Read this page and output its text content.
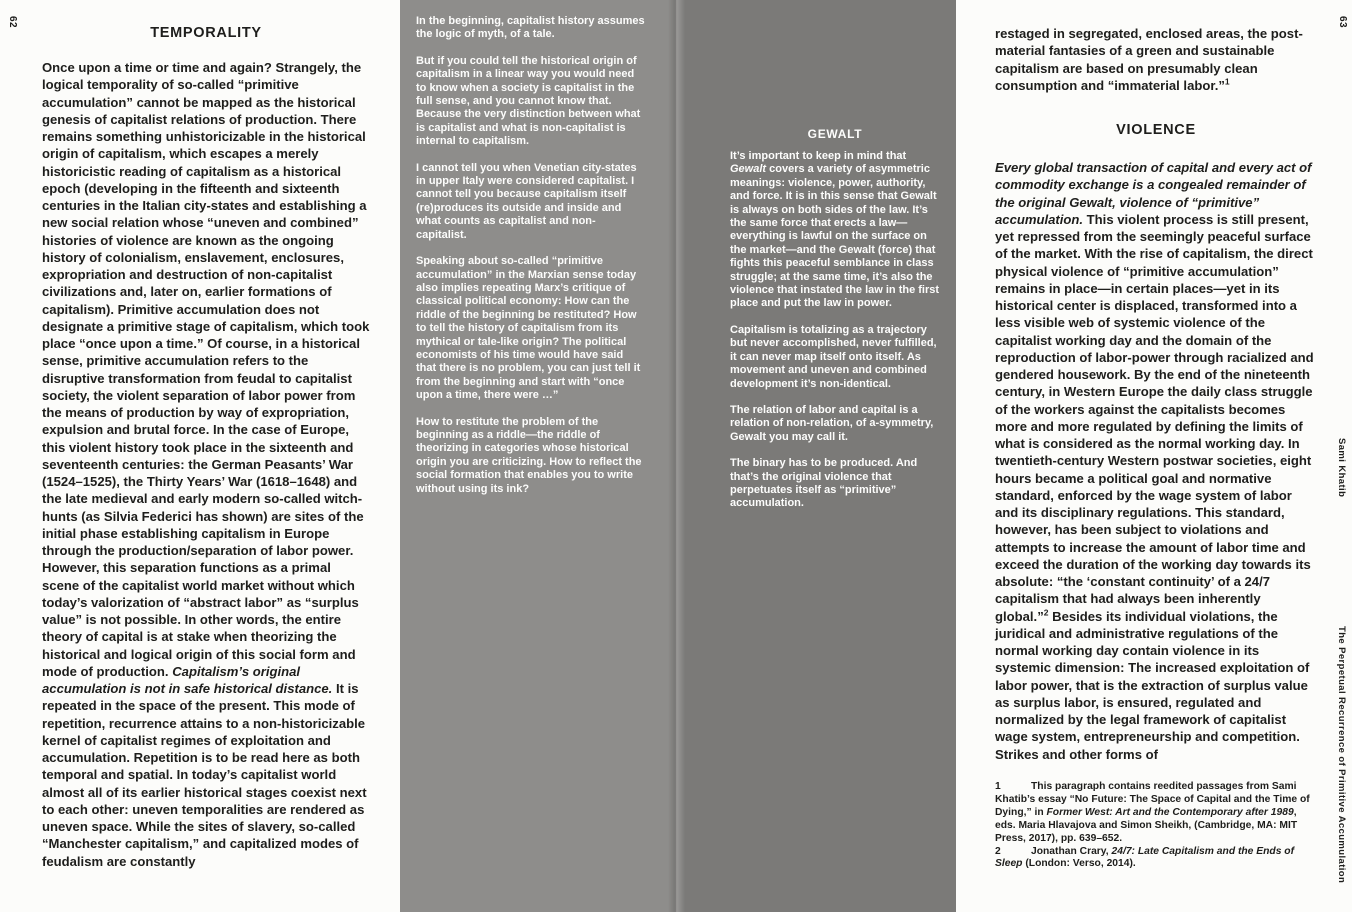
62
TEMPORALITY

Once upon a time or time and again? Strangely, the logical temporality of so-called “primitive accumulation” cannot be mapped as the historical genesis of capitalist relations of production. There remains something unhistoricizable in the historical origin of capitalism, which escapes a merely historicistic reading of capitalism as a historical epoch (developing in the fifteenth and sixteenth centuries in the Italian city-states and establishing a new social relation whose “uneven and combined” histories of violence are known as the ongoing history of colonialism, enslavement, enclosures, expropriation and destruction of non-capitalist civilizations and, later on, earlier formations of capitalism). Primitive accumulation does not designate a primitive stage of capitalism, which took place “once upon a time.” Of course, in a historical sense, primitive accumulation refers to the disruptive transformation from feudal to capitalist society, the violent separation of labor power from the means of production by way of expropriation, expulsion and brutal force. In the case of Europe, this violent history took place in the sixteenth and seventeenth centuries: the German Peasants’ War (1524–1525), the Thirty Years’ War (1618–1648) and the late medieval and early modern so-called witch-hunts (as Silvia Federici has shown) are sites of the initial phase establishing capitalism in Europe through the production/separation of labor power. However, this separation functions as a primal scene of the capitalist world market without which today’s valorization of “abstract labor” as “surplus value” is not possible. In other words, the entire theory of capital is at stake when theorizing the historical and logical origin of this social form and mode of production. Capitalism’s original accumulation is not in safe historical distance. It is repeated in the space of the present. This mode of repetition, recurrence attains to a non-historicizable kernel of capitalist regimes of exploitation and accumulation. Repetition is to be read here as both temporal and spatial. In today’s capitalist world almost all of its earlier historical stages coexist next to each other: uneven temporalities are rendered as uneven space. While the sites of slavery, so-called “Manchester capitalism,” and capitalized modes of feudalism are constantly

In the beginning, capitalist history assumes the logic of myth, of a tale.

But if you could tell the historical origin of capitalism in a linear way you would need to know when a society is capitalist in the full sense, and you cannot know that. Because the very distinction between what is capitalist and what is non-capitalist is internal to capitalism.

I cannot tell you when Venetian city-states in upper Italy were considered capitalist. I cannot tell you because capitalism itself (re)produces its outside and inside and what counts as capitalist and non-capitalist.

Speaking about so-called “primitive accumulation” in the Marxian sense today also implies repeating Marx’s critique of classical political economy: How can the riddle of the beginning be restituted? How to tell the history of capitalism from its mythical or tale-like origin? The political economists of his time would have said that there is no problem, you can just tell it from the beginning and start with “once upon a time, there were …”

How to restitute the problem of the beginning as a riddle—the riddle of theorizing in categories whose historical origin you are criticizing. How to reflect the social formation that enables you to write without using its ink?

GEWALT

It’s important to keep in mind that Gewalt covers a variety of asymmetric meanings: violence, power, authority, and force. It is in this sense that Gewalt is always on both sides of the law. It’s the same force that erects a law—everything is lawful on the surface on the market—and the Gewalt (force) that fights this peaceful semblance in class struggle; at the same time, it’s also the violence that instated the law in the first place and put the law in power.

Capitalism is totalizing as a trajectory but never accomplished, never fulfilled, it can never map itself onto itself. As movement and uneven and combined development it’s non-identical.

The relation of labor and capital is a relation of non-relation, of a-symmetry, Gewalt you may call it.

The binary has to be produced. And that’s the original violence that perpetuates itself as “primitive” accumulation.

63

restaged in segregated, enclosed areas, the post-material fantasies of a green and sustainable capitalism are based on presumably clean consumption and “immaterial labor.”$^1$

VIOLENCE

Every global transaction of capital and every act of commodity exchange is a congealed remainder of the original Gewalt, violence of “primitive” accumulation. This violent process is still present, yet repressed from the seemingly peaceful surface of the market. With the rise of capitalism, the direct physical violence of “primitive accumulation” remains in place—in certain places—yet in its historical center is displaced, transformed into a less visible web of systemic violence of the capitalist working day and the domain of the reproduction of labor-power through racialized and gendered housework. By the end of the nineteenth century, in Western Europe the daily class struggle of the workers against the capitalists becomes more and more regulated by defining the limits of what is considered as the normal working day. In twentieth-century Western postwar societies, eight hours became a political goal and normative standard, enforced by the wage system of labor and its disciplinary regulations. This standard, however, has been subject to violations and attempts to increase the amount of labor time and exceed the duration of the working day towards its absolute: “the ‘constant continuity’ of a 24/7 capitalism that had always been inherently global.”$^2$ Besides its individual violations, the juridical and administrative regulations of the normal working day contain violence in its systemic dimension: The increased exploitation of labor power, that is the extraction of surplus value as surplus labor, is ensured, regulated and normalized by the legal framework of capitalist wage system, entrepreneurship and competition. Strikes and other forms of

1	This paragraph contains reedited passages from Sami Khatib’s essay “No Future: The Space of Capital and the Time of Dying,” in Former West: Art and the Contemporary after 1989, eds. Maria Hlavajova and Simon Sheikh, (Cambridge, MA: MIT Press, 2017), pp. 639–652.

2	Jonathan Crary, 24/7: Late Capitalism and the Ends of Sleep (London: Verso, 2014).

Sami Khatib
The Perpetual Recurrence of Primitive Accumulation
